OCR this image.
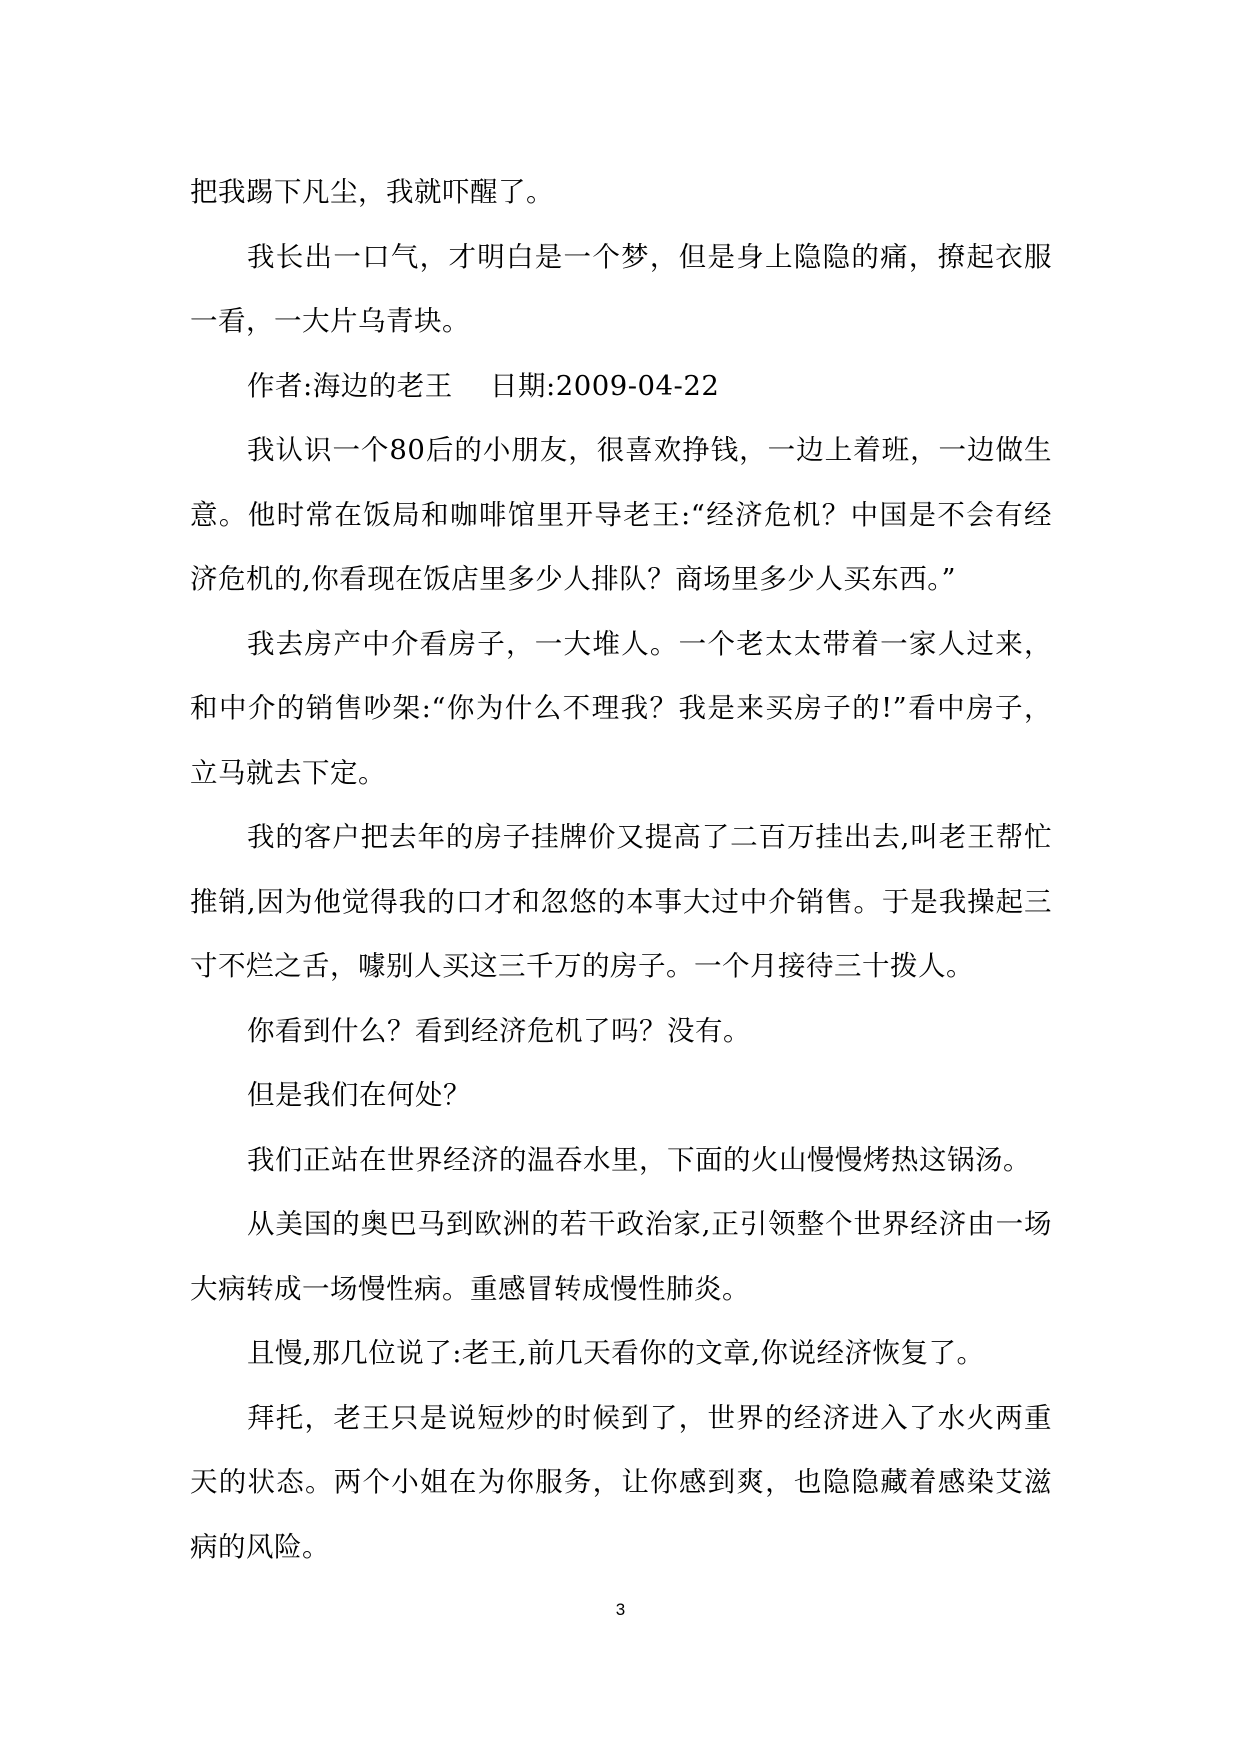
把我踢下凡尘，我就吓醒了。

我长出一口气，才明白是一个梦，但是身上隐隐的痛，撩起衣服一看，一大片乌青块。

作者:海边的老王　 日期:2009-04-22

我认识一个80后的小朋友，很喜欢挣钱，一边上着班，一边做生意。他时常在饭局和咖啡馆里开导老王:“经济危机？中国是不会有经济危机的,你看现在饭店里多少人排队？商场里多少人买东西。”

我去房产中介看房子，一大堆人。一个老太太带着一家人过来，和中介的销售吵架:“你为什么不理我？我是来买房子的!”看中房子，立马就去下定。

我的客户把去年的房子挂牌价又提高了二百万挂出去,叫老王帮忙推销,因为他觉得我的口才和忽悠的本事大过中介销售。于是我操起三寸不烂之舌，噱别人买这三千万的房子。一个月接待三十拨人。

你看到什么？看到经济危机了吗？没有。

但是我们在何处？

我们正站在世界经济的温吞水里，下面的火山慢慢烤热这锅汤。

从美国的奥巴马到欧洲的若干政治家,正引领整个世界经济由一场大病转成一场慢性病。重感冒转成慢性肺炎。

且慢,那几位说了:老王,前几天看你的文章,你说经济恢复了。

拜托，老王只是说短炒的时候到了，世界的经济进入了水火两重天的状态。两个小姐在为你服务，让你感到爽，也隐隐藏着感染艾滋病的风险。

3
